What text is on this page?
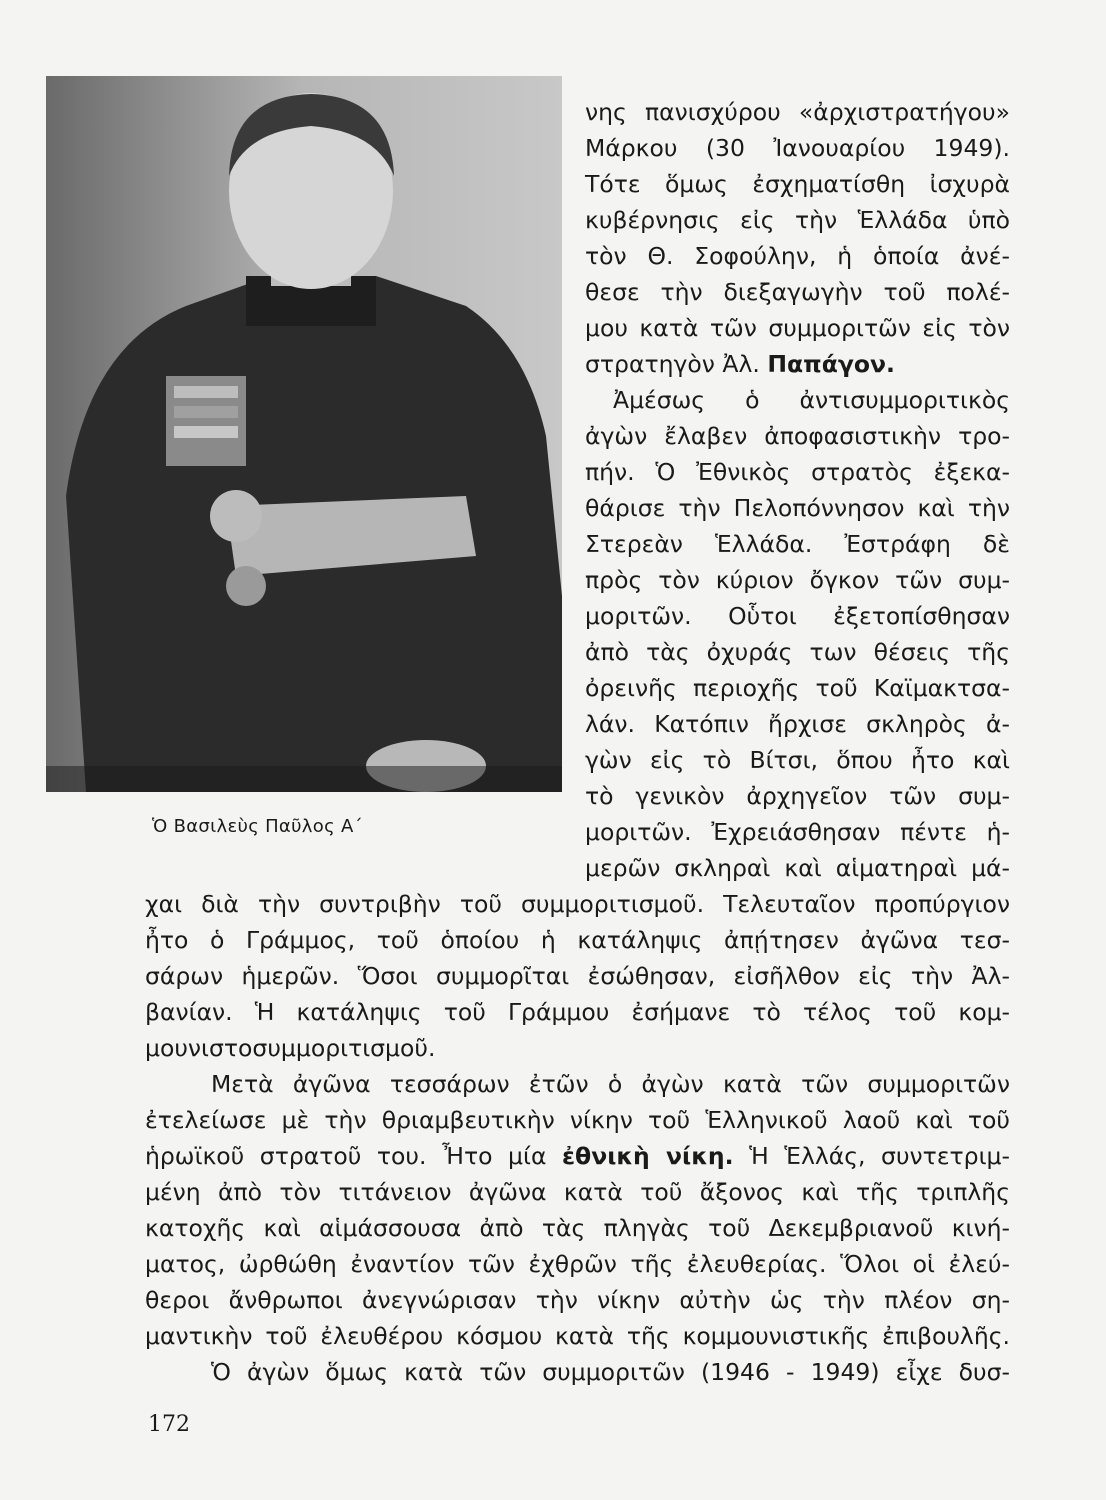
Ὁ Βασιλεὺς Παῦλος Α΄
νης πανισχύρου «ἀρχιστρατήγου»
Μάρκου (30 Ἰανουαρίου 1949).
Τότε ὅμως ἐσχηματίσθη ἰσχυρὰ
κυβέρνησις εἰς τὴν Ἑλλάδα ὑπὸ
τὸν Θ. Σοφούλην, ἡ ὁποία ἀνέ-
θεσε τὴν διεξαγωγὴν τοῦ πολέ-
μου κατὰ τῶν συμμοριτῶν εἰς τὸν
στρατηγὸν Ἀλ. Παπάγον.
Ἀμέσως ὁ ἀντισυμμοριτικὸς
ἀγὼν ἔλαβεν ἀποφασιστικὴν τρο-
πήν. Ὁ Ἐθνικὸς στρατὸς ἐξεκα-
θάρισε τὴν Πελοπόννησον καὶ τὴν
Στερεὰν Ἑλλάδα. Ἐστράφη δὲ
πρὸς τὸν κύριον ὄγκον τῶν συμ-
μοριτῶν. Οὗτοι ἐξετοπίσθησαν
ἀπὸ τὰς ὀχυράς των θέσεις τῆς
ὀρεινῆς περιοχῆς τοῦ Καϊμακτσα-
λάν. Κατόπιν ἤρχισε σκληρὸς ἀ-
γὼν εἰς τὸ Βίτσι, ὅπου ἦτο καὶ
τὸ γενικὸν ἀρχηγεῖον τῶν συμ-
μοριτῶν. Ἐχρειάσθησαν πέντε ἡ-
μερῶν σκληραὶ καὶ αἱματηραὶ μά-
χαι διὰ τὴν συντριβὴν τοῦ συμμοριτισμοῦ. Τελευταῖον προπύργιον
ἦτο ὁ Γράμμος, τοῦ ὁποίου ἡ κατάληψις ἀπῄτησεν ἀγῶνα τεσ-
σάρων ἡμερῶν. Ὅσοι συμμορῖται ἐσώθησαν, εἰσῆλθον εἰς τὴν Ἀλ-
βανίαν. Ἡ κατάληψις τοῦ Γράμμου ἐσήμανε τὸ τέλος τοῦ κομ-
μουνιστοσυμμοριτισμοῦ.
Μετὰ ἀγῶνα τεσσάρων ἐτῶν ὁ ἀγὼν κατὰ τῶν συμμοριτῶν
ἐτελείωσε μὲ τὴν θριαμβευτικὴν νίκην τοῦ Ἑλληνικοῦ λαοῦ καὶ τοῦ
ἡρωϊκοῦ στρατοῦ του. Ἦτο μία ἐθνικὴ νίκη. Ἡ Ἑλλάς, συντετριμ-
μένη ἀπὸ τὸν τιτάνειον ἀγῶνα κατὰ τοῦ ἄξονος καὶ τῆς τριπλῆς
κατοχῆς καὶ αἱμάσσουσα ἀπὸ τὰς πληγὰς τοῦ Δεκεμβριανοῦ κινή-
ματος, ὠρθώθη ἐναντίον τῶν ἐχθρῶν τῆς ἐλευθερίας. Ὅλοι οἱ ἐλεύ-
θεροι ἄνθρωποι ἀνεγνώρισαν τὴν νίκην αὐτὴν ὡς τὴν πλέον ση-
μαντικὴν τοῦ ἐλευθέρου κόσμου κατὰ τῆς κομμουνιστικῆς ἐπιβουλῆς.
Ὁ ἀγὼν ὅμως κατὰ τῶν συμμοριτῶν (1946 - 1949) εἶχε δυσ-
172
